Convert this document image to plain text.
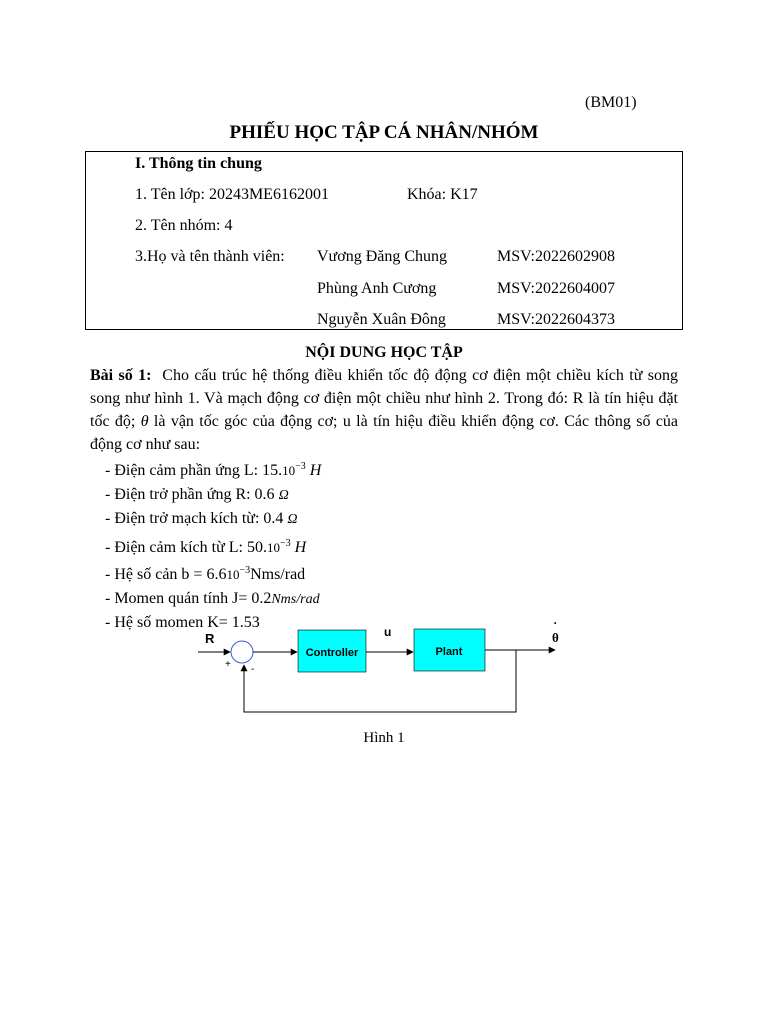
(BM01)
PHIẾU HỌC TẬP CÁ NHÂN/NHÓM
I. Thông tin chung
1. Tên lớp: 20243ME6162001	Khóa: K17
2. Tên nhóm: 4
3.Họ và tên thành viên: Vương Đăng Chung	MSV:2022602908
Phùng Anh Cương	MSV:2022604007
Nguyễn Xuân Đông	MSV:2022604373
NỘI DUNG HỌC TẬP
Bài số 1: Cho cấu trúc hệ thống điều khiển tốc độ động cơ điện một chiều kích từ song song như hình 1. Và mạch động cơ điện một chiều như hình 2. Trong đó: R là tín hiệu đặt tốc độ; θ là vận tốc góc của động cơ; u là tín hiệu điều khiển động cơ. Các thông số của động cơ như sau:
- Điện cảm phần ứng L: $15.10^{-3}$ H
- Điện trở phần ứng R: 0.6 Ω
- Điện trở mạch kích từ: 0.4 Ω
- Điện cảm kích từ L: $50.10^{-3}$ H
- Hệ số cản $b = 6.610^{-3}Nms$/rad
- Momen quán tính J= 0.2Nms/rad
- Hệ số momen K= 1.53
R
+ -
Controller
u
Plant
θ
˙
Hình 1
